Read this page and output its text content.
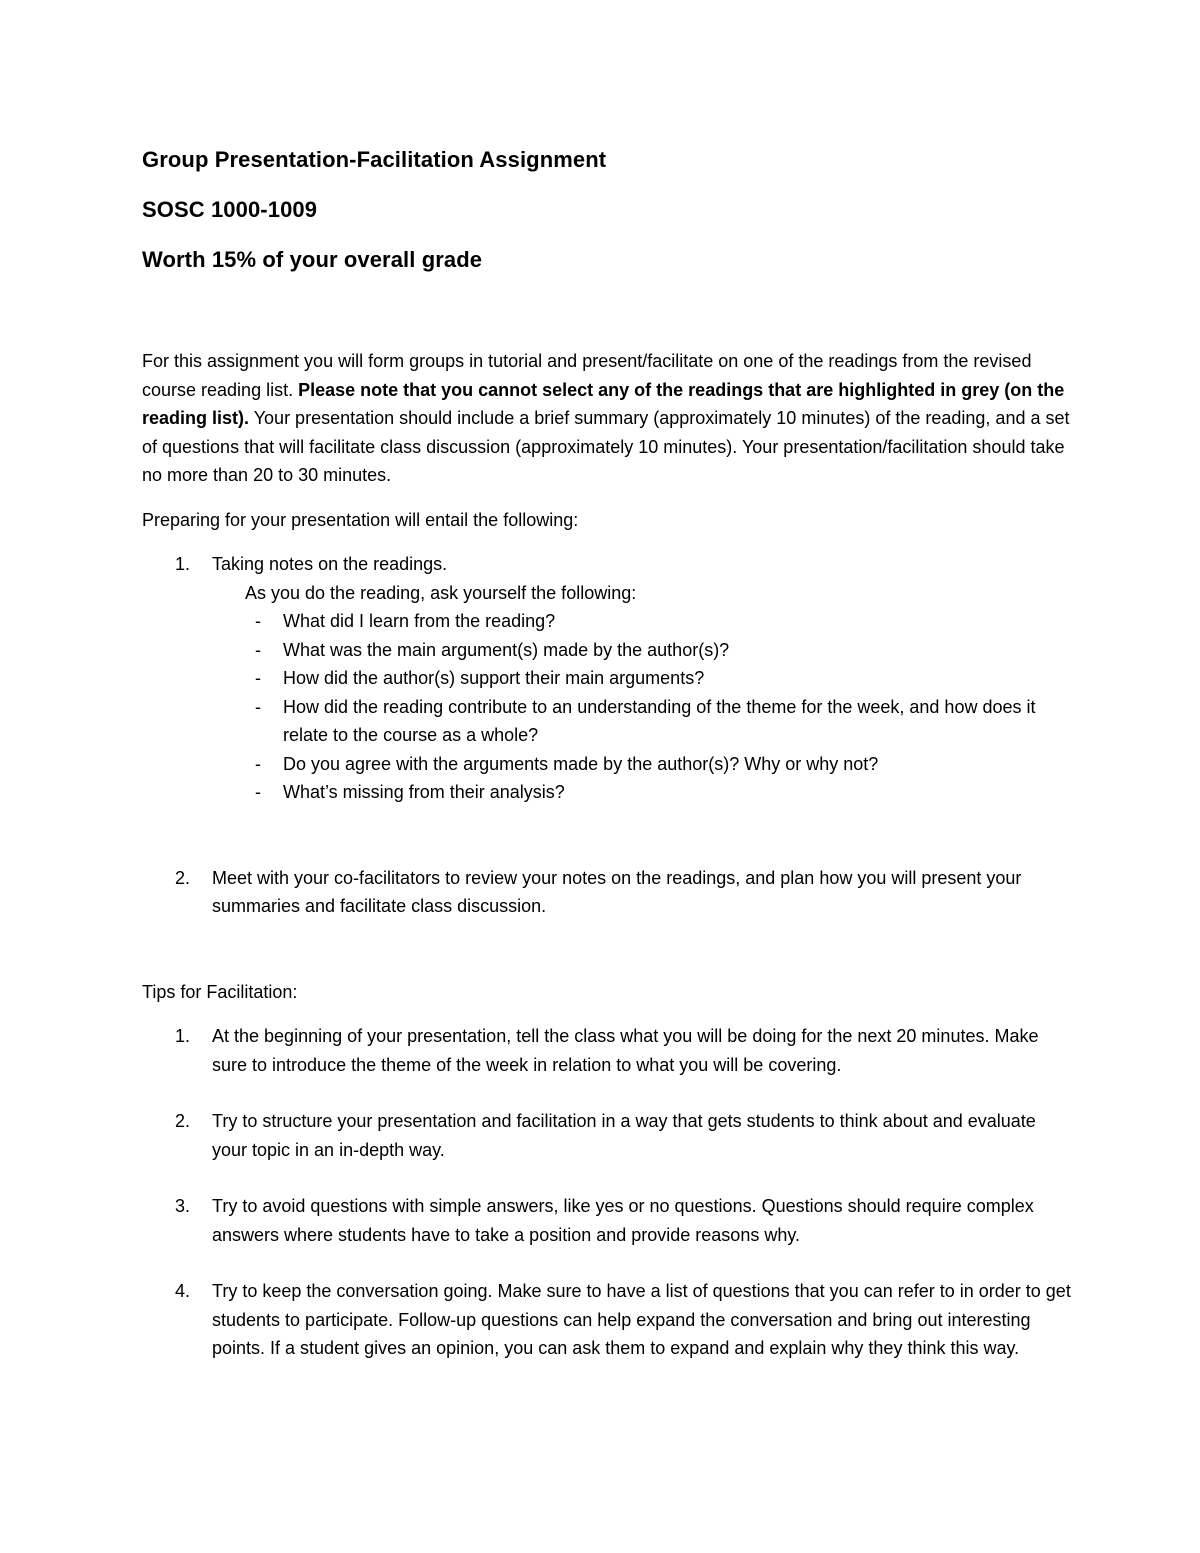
Group Presentation-Facilitation Assignment
SOSC 1000-1009
Worth 15% of your overall grade

For this assignment you will form groups in tutorial and present/facilitate on one of the readings from the revised course reading list. Please note that you cannot select any of the readings that are highlighted in grey (on the reading list). Your presentation should include a brief summary (approximately 10 minutes) of the reading, and a set of questions that will facilitate class discussion (approximately 10 minutes). Your presentation/facilitation should take no more than 20 to 30 minutes.

Preparing for your presentation will entail the following:

1.	Taking notes on the readings.
As you do the reading, ask yourself the following:
- What did I learn from the reading?
- What was the main argument(s) made by the author(s)?
- How did the author(s) support their main arguments?
- How did the reading contribute to an understanding of the theme for the week, and how does it relate to the course as a whole?
- Do you agree with the arguments made by the author(s)? Why or why not?
- What’s missing from their analysis?
2.	Meet with your co-facilitators to review your notes on the readings, and plan how you will present your summaries and facilitate class discussion.

Tips for Facilitation:

1.	At the beginning of your presentation, tell the class what you will be doing for the next 20 minutes. Make sure to introduce the theme of the week in relation to what you will be covering.
2.	Try to structure your presentation and facilitation in a way that gets students to think about and evaluate your topic in an in-depth way.
3.	Try to avoid questions with simple answers, like yes or no questions. Questions should require complex answers where students have to take a position and provide reasons why.
4.	Try to keep the conversation going. Make sure to have a list of questions that you can refer to in order to get students to participate. Follow-up questions can help expand the conversation and bring out interesting points. If a student gives an opinion, you can ask them to expand and explain why they think this way.
